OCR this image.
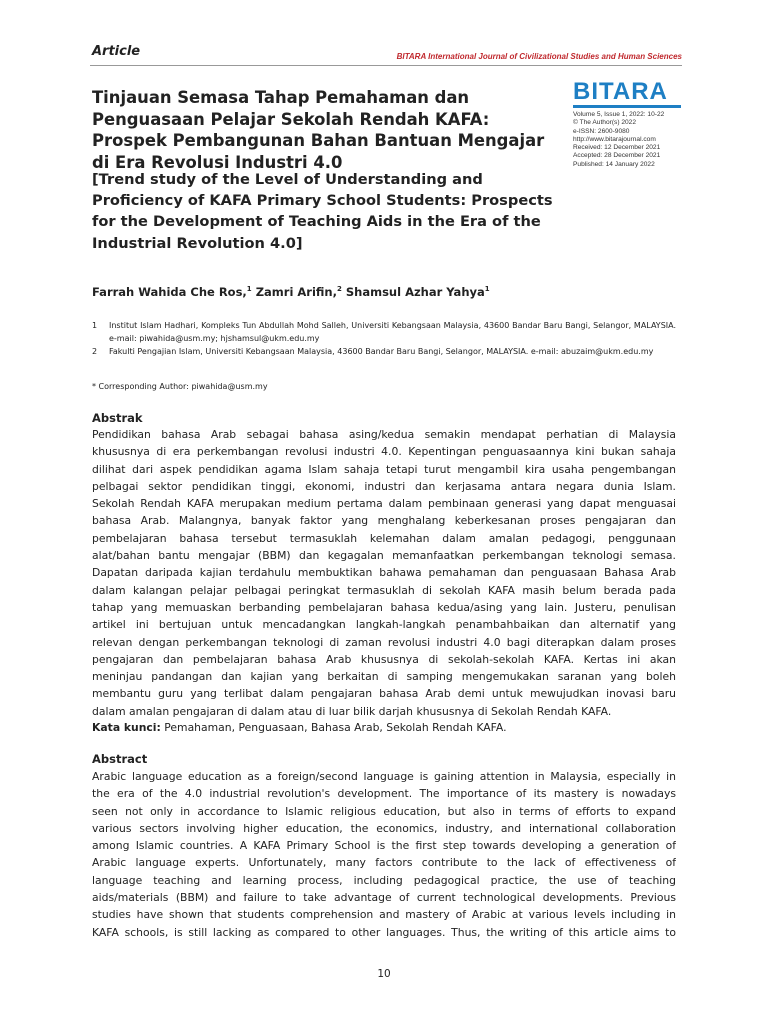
Article	BITARA International Journal of Civilizational Studies and Human Sciences
BITARA
Volume 5, Issue 1, 2022: 10-22
© The Author(s) 2022
e-ISSN: 2600-9080
http://www.bitarajournal.com
Received: 12 December 2021
Accepted: 28 December 2021
Published: 14 January 2022
Tinjauan Semasa Tahap Pemahaman dan Penguasaan Pelajar Sekolah Rendah KAFA: Prospek Pembangunan Bahan Bantuan Mengajar di Era Revolusi Industri 4.0
[Trend study of the Level of Understanding and Proficiency of KAFA Primary School Students: Prospects for the Development of Teaching Aids in the Era of the Industrial Revolution 4.0]
Farrah Wahida Che Ros,$^1$ Zamri Arifin,$^2$ Shamsul Azhar Yahya$^1$
1 Institut Islam Hadhari, Kompleks Tun Abdullah Mohd Salleh, Universiti Kebangsaan Malaysia, 43600 Bandar Baru Bangi, Selangor, MALAYSIA. e-mail: piwahida@usm.my; hjshamsul@ukm.edu.my
2 Fakulti Pengajian Islam, Universiti Kebangsaan Malaysia, 43600 Bandar Baru Bangi, Selangor, MALAYSIA. e-mail: abuzaim@ukm.edu.my
* Corresponding Author: piwahida@usm.my
Abstrak
Pendidikan bahasa Arab sebagai bahasa asing/kedua semakin mendapat perhatian di Malaysia
khususnya di era perkembangan revolusi industri 4.0. Kepentingan penguasaannya kini bukan sahaja
dilihat dari aspek pendidikan agama Islam sahaja tetapi turut mengambil kira usaha pengembangan
pelbagai sektor pendidikan tinggi, ekonomi, industri dan kerjasama antara negara dunia Islam.
Sekolah Rendah KAFA merupakan medium pertama dalam pembinaan generasi yang dapat menguasai
bahasa Arab. Malangnya, banyak faktor yang menghalang keberkesanan proses pengajaran dan
pembelajaran bahasa tersebut termasuklah kelemahan dalam amalan pedagogi, penggunaan
alat/bahan bantu mengajar (BBM) dan kegagalan memanfaatkan perkembangan teknologi semasa.
Dapatan daripada kajian terdahulu membuktikan bahawa pemahaman dan penguasaan Bahasa Arab
dalam kalangan pelajar pelbagai peringkat termasuklah di sekolah KAFA masih belum berada pada
tahap yang memuaskan berbanding pembelajaran bahasa kedua/asing yang lain. Justeru, penulisan
artikel ini bertujuan untuk mencadangkan langkah-langkah penambahbaikan dan alternatif yang
relevan dengan perkembangan teknologi di zaman revolusi industri 4.0 bagi diterapkan dalam proses
pengajaran dan pembelajaran bahasa Arab khususnya di sekolah-sekolah KAFA. Kertas ini akan
meninjau pandangan dan kajian yang berkaitan di samping mengemukakan saranan yang boleh
membantu guru yang terlibat dalam pengajaran bahasa Arab demi untuk mewujudkan inovasi baru
dalam amalan pengajaran di dalam atau di luar bilik darjah khususnya di Sekolah Rendah KAFA.
Kata kunci: Pemahaman, Penguasaan, Bahasa Arab, Sekolah Rendah KAFA.
Abstract
Arabic language education as a foreign/second language is gaining attention in Malaysia, especially in
the era of the 4.0 industrial revolution's development. The importance of its mastery is nowadays
seen not only in accordance to Islamic religious education, but also in terms of efforts to expand
various sectors involving higher education, the economics, industry, and international collaboration
among Islamic countries. A KAFA Primary School is the first step towards developing a generation of
Arabic language experts. Unfortunately, many factors contribute to the lack of effectiveness of
language teaching and learning process, including pedagogical practice, the use of teaching
aids/materials (BBM) and failure to take advantage of current technological developments. Previous
studies have shown that students comprehension and mastery of Arabic at various levels including in
KAFA schools, is still lacking as compared to other languages. Thus, the writing of this article aims to
10
